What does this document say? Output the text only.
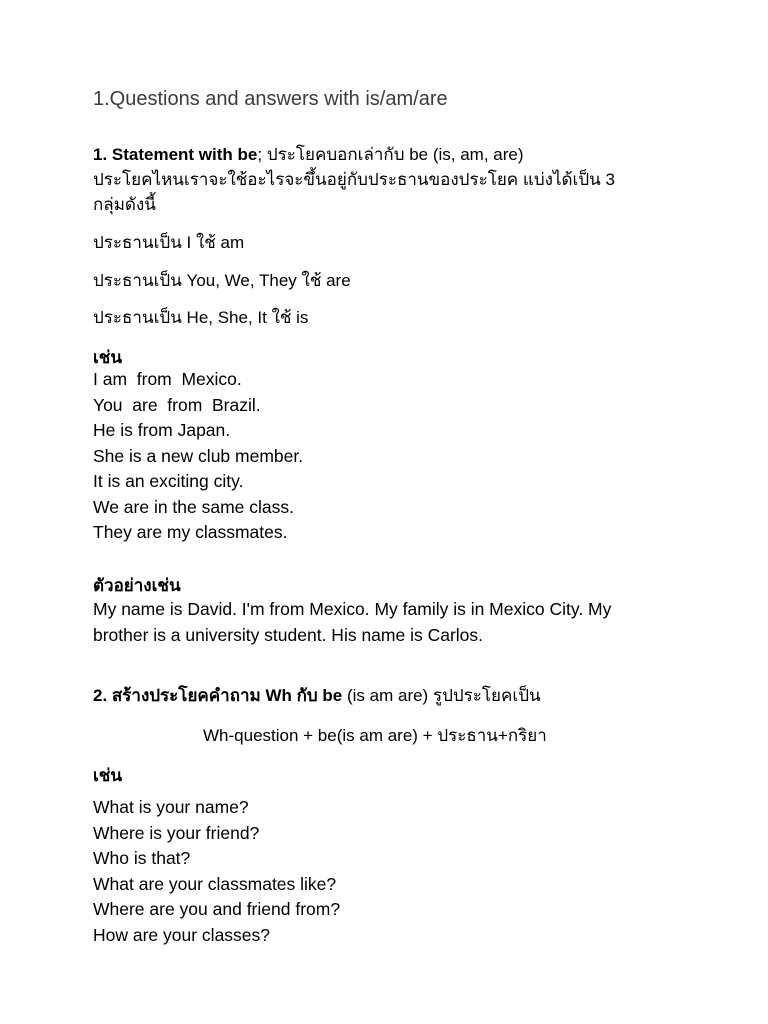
1.Questions and answers with is/am/are
1. Statement with be; ประโยคบอกเล่ากับ be (is, am, are)
ประโยคไหนเราจะใช้อะไรจะขึ้นอยู่กับประธานของประโยค แบ่งได้เป็น 3
กลุ่มดังนี้
ประธานเป็น I ใช้ am
ประธานเป็น You, We, They ใช้ are
ประธานเป็น He, She, It ใช้ is
เช่น
I am  from  Mexico.
You  are  from  Brazil.
He is from Japan.
She is a new club member.
It is an exciting city.
We are in the same class.
They are my classmates.
ตัวอย่างเช่น
My name is David. I'm from Mexico. My family is in Mexico City. My
brother is a university student. His name is Carlos.
2. สร้างประโยคคำถาม Wh กับ be (is am are) รูปประโยคเป็น
Wh-question + be(is am are) + ประธาน+กริยา
เช่น
What is your name?
Where is your friend?
Who is that?
What are your classmates like?
Where are you and friend from?
How are your classes?
